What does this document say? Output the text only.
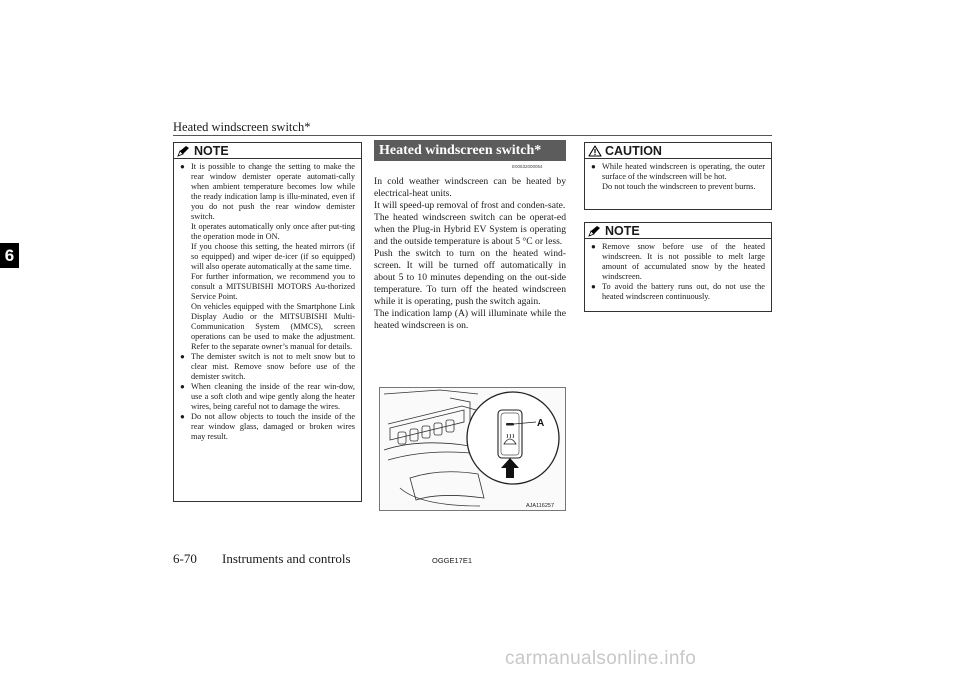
Heated windscreen switch*
6
NOTE

● It is possible to change the setting to make the rear window demister operate automati-cally when ambient temperature becomes low while the ready indication lamp is illu-minated, even if you do not push the rear window demister switch.

It operates automatically only once after put-ting the operation mode in ON.

If you choose this setting, the heated mirrors (if so equipped) and wiper de-icer (if so equipped) will also operate automatically at the same time.

For further information, we recommend you to consult a MITSUBISHI MOTORS Au-thorized Service Point.

On vehicles equipped with the Smartphone Link Display Audio or the MITSUBISHI Multi-Communication System (MMCS), screen operations can be used to make the adjustment. Refer to the separate owner’s manual for details.

● The demister switch is not to melt snow but to clear mist. Remove snow before use of the demister switch.

● When cleaning the inside of the rear win-dow, use a soft cloth and wipe gently along the heater wires, being careful not to damage the wires.

● Do not allow objects to touch the inside of the rear window glass, damaged or broken wires may result.

Heated windscreen switch*
E00532000054

In cold weather windscreen can be heated by electrical-heat units.

It will speed-up removal of frost and conden-sate.

The heated windscreen switch can be operat-ed when the Plug-in Hybrid EV System is operating and the outside temperature is about 5 °C or less.

Push the switch to turn on the heated wind-screen. It will be turned off automatically in about 5 to 10 minutes depending on the out-side temperature. To turn off the heated windscreen while it is operating, push the switch again.

The indication lamp (A) will illuminate while the heated windscreen is on.

A
AJA116257
CAUTION

● While heated windscreen is operating, the outer surface of the windscreen will be hot.

Do not touch the windscreen to prevent burns.

NOTE

● Remove snow before use of the heated windscreen. It is not possible to melt large amount of accumulated snow by the heated windscreen.

● To avoid the battery runs out, do not use the heated windscreen continuously.

6-70 Instruments and controls	OGGE17E1
carmanualsonline.info
